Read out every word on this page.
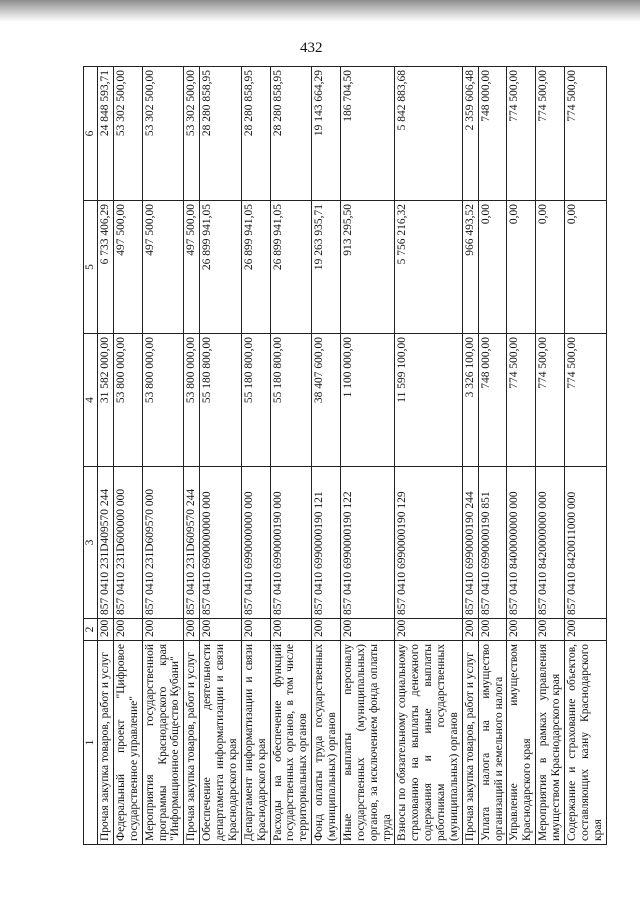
432
1	2	3	4	5	6
Прочая закупка товаров, работ и услуг	200	857 0410 231D409570 244	31 582 000,00	6 733 406,29	24 848 593,71
Федеральный проект "Цифровое государственное управление"	200	857 0410 231D600000 000	53 800 000,00	497 500,00	53 302 500,00
Мероприятия государственной программы Краснодарского края "Информационное общество Кубани"	200	857 0410 231D609570 000	53 800 000,00	497 500,00	53 302 500,00
Прочая закупка товаров, работ и услуг	200	857 0410 231D609570 244	53 800 000,00	497 500,00	53 302 500,00
Обеспечение деятельности департамента информатизации и связи Краснодарского края	200	857 0410 6900000000 000	55 180 800,00	26 899 941,05	28 280 858,95
Департамент информатизации и связи Краснодарского края	200	857 0410 6990000000 000	55 180 800,00	26 899 941,05	28 280 858,95
Расходы на обеспечение функций государственных органов, в том числе территориальных органов	200	857 0410 6990000190 000	55 180 800,00	26 899 941,05	28 280 858,95
Фонд оплаты труда государственных (муниципальных) органов	200	857 0410 6990000190 121	38 407 600,00	19 263 935,71	19 143 664,29
Иные выплаты персоналу государственных (муниципальных) органов, за исключением фонда оплаты труда	200	857 0410 6990000190 122	1 100 000,00	913 295,50	186 704,50
Взносы по обязательному социальному страхованию на выплаты денежного содержания и иные выплаты работникам государственных (муниципальных) органов	200	857 0410 6990000190 129	11 599 100,00	5 756 216,32	5 842 883,68
Прочая закупка товаров, работ и услуг	200	857 0410 6990000190 244	3 326 100,00	966 493,52	2 359 606,48
Уплата налога на имущество организаций и земельного налога	200	857 0410 6990000190 851	748 000,00	0,00	748 000,00
Управление имуществом Краснодарского края	200	857 0410 8400000000 000	774 500,00	0,00	774 500,00
Мероприятия в рамках управления имуществом Краснодарского края	200	857 0410 8420000000 000	774 500,00	0,00	774 500,00
Содержание и страхование объектов, составляющих казну Краснодарского края	200	857 0410 8420011000 000	774 500,00	0,00	774 500,00
